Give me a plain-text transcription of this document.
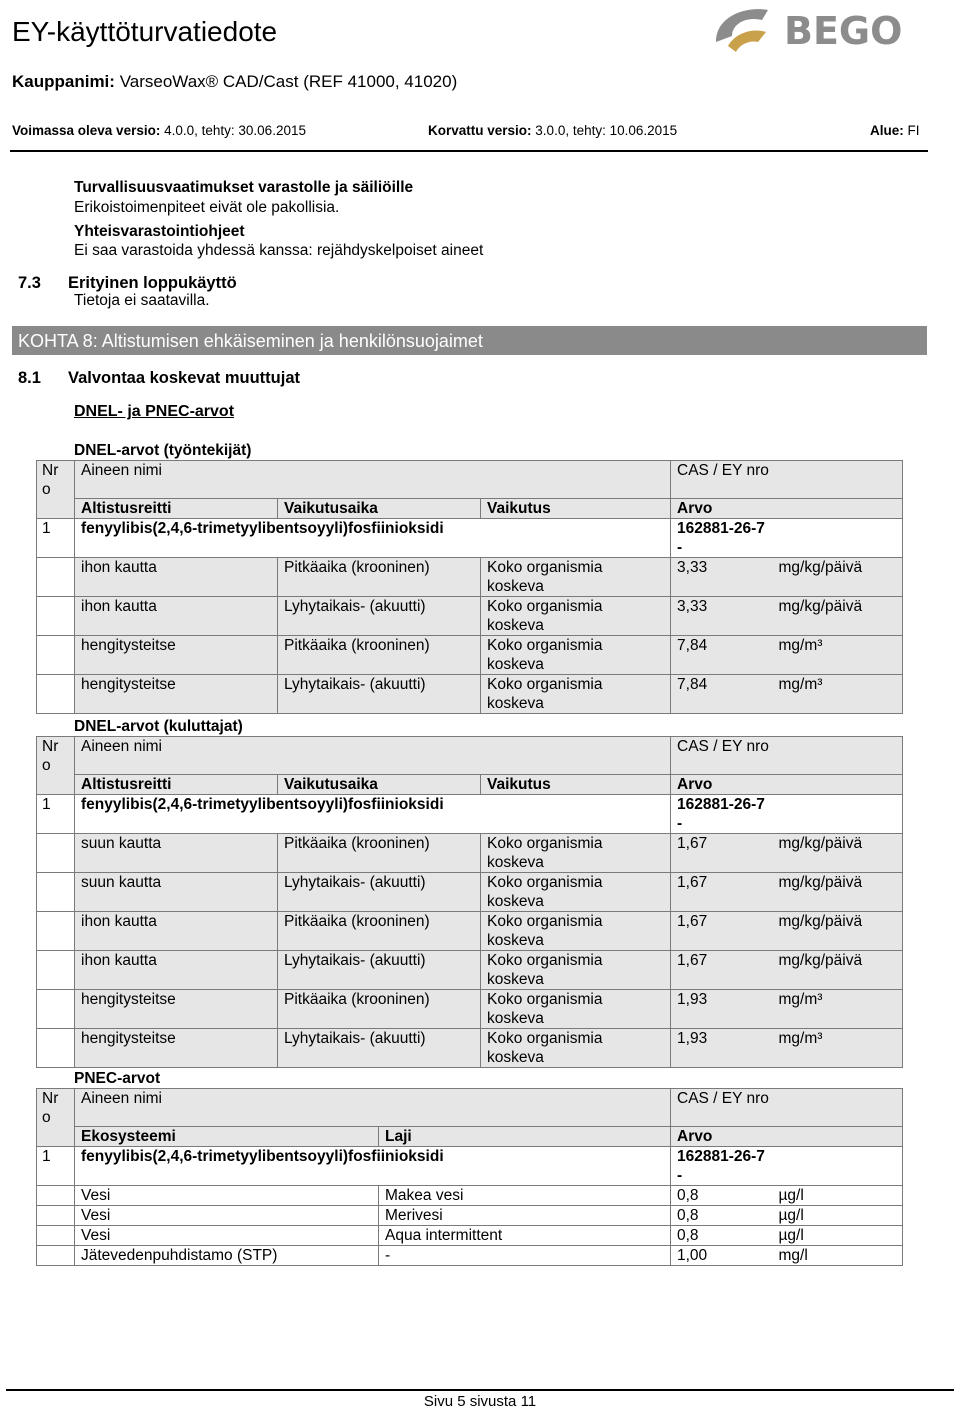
EY-käyttöturvatiedote	BEGO
Kauppanimi: VarseoWax® CAD/Cast (REF 41000, 41020)
Voimassa oleva versio: 4.0.0, tehty: 30.06.2015	Korvattu versio: 3.0.0, tehty: 10.06.2015	Alue: FI
Turvallisuusvaatimukset varastolle ja säiliöille
Erikoistoimenpiteet eivät ole pakollisia.
Yhteisvarastointiohjeet
Ei saa varastoida yhdessä kanssa: rejähdyskelpoiset aineet
7.3 Erityinen loppukäyttö
Tietoja ei saatavilla.
KOHTA 8: Altistumisen ehkäiseminen ja henkilönsuojaimet
8.1 Valvontaa koskevat muuttujat
DNEL- ja PNEC-arvot
DNEL-arvot (työntekijät)
Nr
o	Aineen nimi			CAS / EY nro	
	Altistusreitti	Vaikutusaika	Vaikutus	Arvo	
1	fenyylibis(2,4,6-trimetyylibentsoyyli)fosfiinioksidi			162881-26-7
-	
	ihon kautta	Pitkäaika (krooninen)	Koko organismia
koskeva	3,33	mg/kg/päivä
	ihon kautta	Lyhytaikais- (akuutti)	Koko organismia
koskeva	3,33	mg/kg/päivä
	hengitysteitse	Pitkäaika (krooninen)	Koko organismia
koskeva	7,84	mg/m³
	hengitysteitse	Lyhytaikais- (akuutti)	Koko organismia
koskeva	7,84	mg/m³
DNEL-arvot (kuluttajat)
Nr
o	Aineen nimi			CAS / EY nro	
	Altistusreitti	Vaikutusaika	Vaikutus	Arvo	
1	fenyylibis(2,4,6-trimetyylibentsoyyli)fosfiinioksidi			162881-26-7
-	
	suun kautta	Pitkäaika (krooninen)	Koko organismia
koskeva	1,67	mg/kg/päivä
	suun kautta	Lyhytaikais- (akuutti)	Koko organismia
koskeva	1,67	mg/kg/päivä
	ihon kautta	Pitkäaika (krooninen)	Koko organismia
koskeva	1,67	mg/kg/päivä
	ihon kautta	Lyhytaikais- (akuutti)	Koko organismia
koskeva	1,67	mg/kg/päivä
	hengitysteitse	Pitkäaika (krooninen)	Koko organismia
koskeva	1,93	mg/m³
	hengitysteitse	Lyhytaikais- (akuutti)	Koko organismia
koskeva	1,93	mg/m³
PNEC-arvot
Nr
o	Aineen nimi		CAS / EY nro	
	Ekosysteemi	Laji	Arvo	
1	fenyylibis(2,4,6-trimetyylibentsoyyli)fosfiinioksidi		162881-26-7
-	
	Vesi	Makea vesi	0,8	µg/l
	Vesi	Merivesi	0,8	µg/l
	Vesi	Aqua intermittent	0,8	µg/l
	Jätevedenpuhdistamo (STP)	-	1,00	mg/l
Sivu 5 sivusta 11
